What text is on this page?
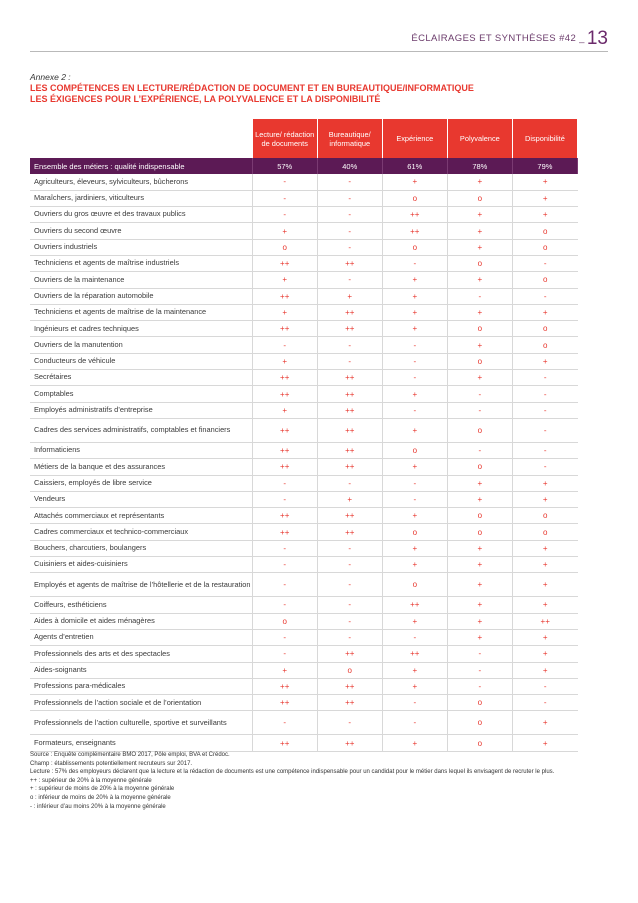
ÉCLAIRAGES ET SYNTHÈSES #42 _ 13
Annexe 2 :
LES COMPÉTENCES EN LECTURE/RÉDACTION DE DOCUMENT ET EN BUREAUTIQUE/INFORMATIQUE
LES ÉXIGENCES POUR L’EXPÉRIENCE, LA POLYVALENCE ET LA DISPONIBILITÉ
	Lecture/ rédaction de documents	Bureautique/ informatique	Expérience	Polyvalence	Disponibilité
Ensemble des métiers : qualité indispensable	57%	40%	61%	78%	79%
Agriculteurs, éleveurs, sylviculteurs, bûcherons	-	-	+	+	+
Maraîchers, jardiniers, viticulteurs	-	-	o	o	+
Ouvriers du gros œuvre et des travaux publics	-	-	++	+	+
Ouvriers du second œuvre	+	-	++	+	o
Ouvriers industriels	o	-	o	+	o
Techniciens et agents de maîtrise industriels	++	++	-	o	-
Ouvriers de la maintenance	+	-	+	+	o
Ouvriers de la réparation automobile	++	+	+	-	-
Techniciens et agents de maîtrise de la maintenance	+	++	+	+	+
Ingénieurs et cadres techniques	++	++	+	o	o
Ouvriers de la manutention	-	-	-	+	o
Conducteurs de véhicule	+	-	-	o	+
Secrétaires	++	++	-	+	-
Comptables	++	++	+	-	-
Employés administratifs d’entreprise	+	++	-	-	-
Cadres des services administratifs, comptables et financiers	++	++	+	o	-
Informaticiens	++	++	o	-	-
Métiers de la banque et des assurances	++	++	+	o	-
Caissiers, employés de libre service	-	-	-	+	+
Vendeurs	-	+	-	+	+
Attachés commerciaux et représentants	++	++	+	o	o
Cadres commerciaux et technico-commerciaux	++	++	o	o	o
Bouchers, charcutiers, boulangers	-	-	+	+	+
Cuisiniers et aides-cuisiniers	-	-	+	+	+
Employés et agents de maîtrise de l’hôtellerie et de la restauration	-	-	o	+	+
Coiffeurs, esthéticiens	-	-	++	+	+
Aides à domicile et aides ménagères	o	-	+	+	++
Agents d’entretien	-	-	-	+	+
Professionnels des arts et des spectacles	-	++	++	-	+
Aides-soignants	+	o	+	-	+
Professions para-médicales	++	++	+	-	-
Professionnels de l’action sociale et de l’orientation	++	++	-	o	-
Professionnels de l’action culturelle, sportive et surveillants	-	-	-	o	+
Formateurs, enseignants	++	++	+	o	+
Source : Enquête complémentaire BMO 2017, Pôle emploi, BVA et Crédoc.
Champ : établissements potentiellement recruteurs sur 2017.
Lecture : 57% des employeurs déclarent que la lecture et la rédaction de documents est une compétence indispensable pour un candidat pour le métier dans lequel ils envisagent de recruter le plus.
++ : supérieur de 20% à la moyenne générale
+ : supérieur de moins de 20% à la moyenne générale
o : inférieur de moins de 20% à la moyenne générale
- : inférieur d’au moins 20% à la moyenne générale
